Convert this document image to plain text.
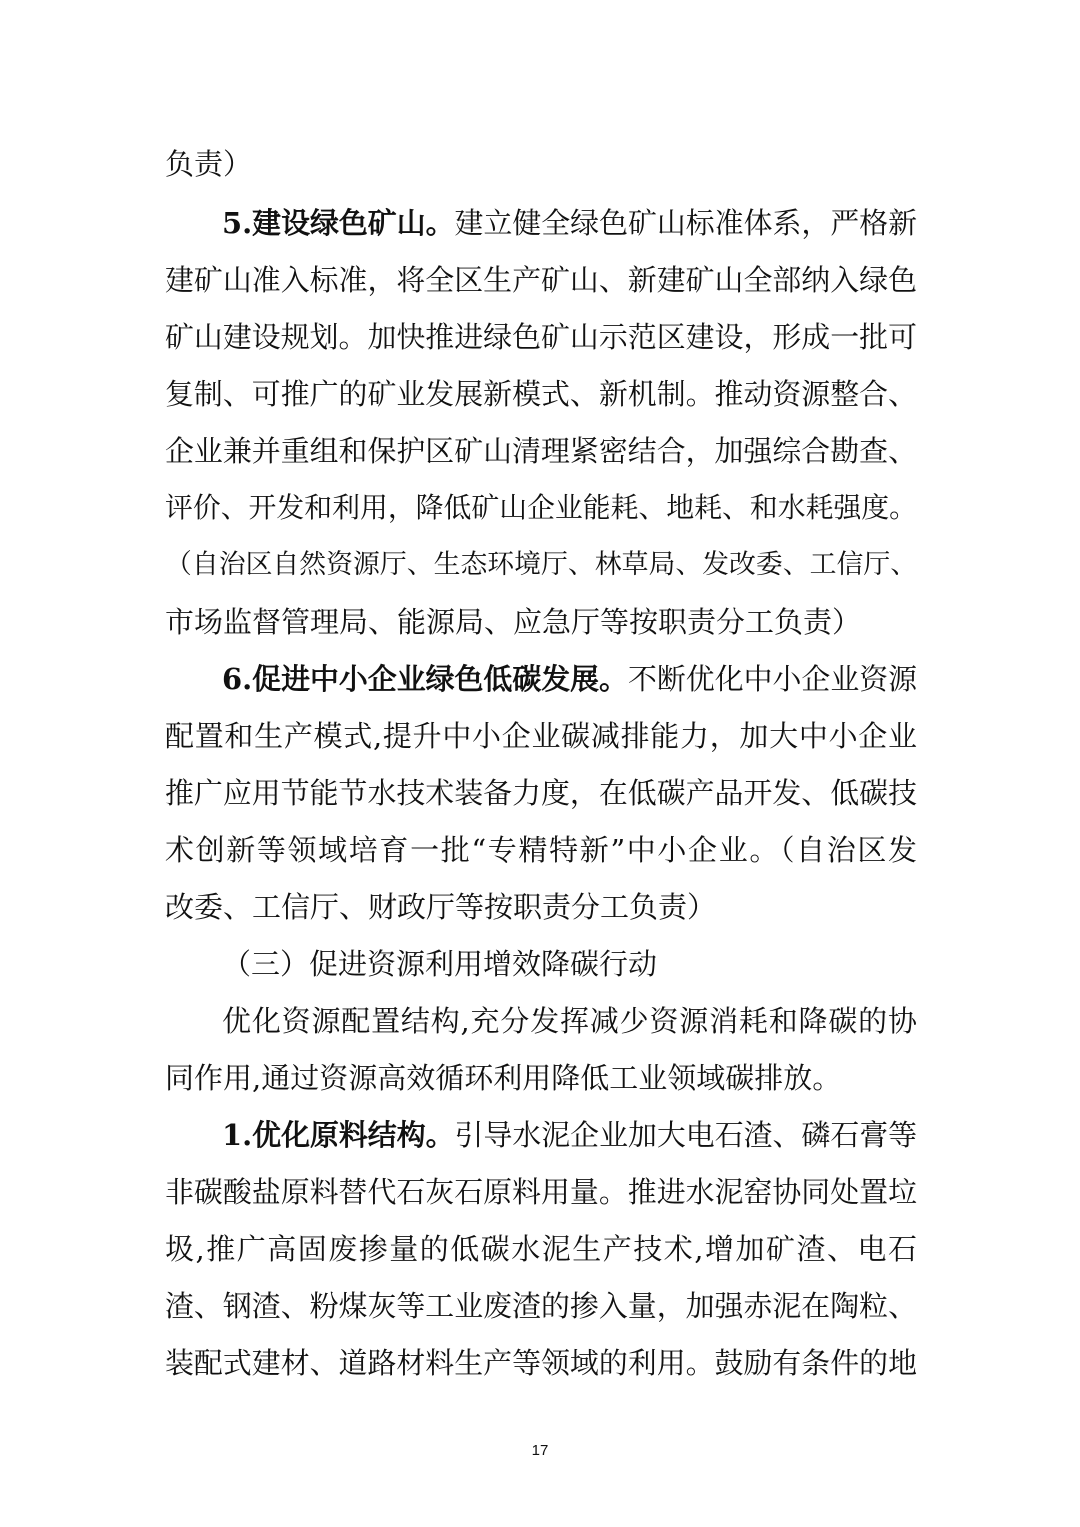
负责）
5.建设绿色矿山。建立健全绿色矿山标准体系，严格新
建矿山准入标准，将全区生产矿山、新建矿山全部纳入绿色
矿山建设规划。加快推进绿色矿山示范区建设，形成一批可
复制、可推广的矿业发展新模式、新机制。推动资源整合、
企业兼并重组和保护区矿山清理紧密结合，加强综合勘查、
评价、开发和利用，降低矿山企业能耗、地耗、和水耗强度。
（自治区自然资源厅、生态环境厅、林草局、发改委、工信厅、
市场监督管理局、能源局、应急厅等按职责分工负责）
6.促进中小企业绿色低碳发展。不断优化中小企业资源
配置和生产模式,提升中小企业碳减排能力，加大中小企业
推广应用节能节水技术装备力度，在低碳产品开发、低碳技
术创新等领域培育一批“专精特新”中小企业。（自治区发
改委、工信厅、财政厅等按职责分工负责）
（三）促进资源利用增效降碳行动
优化资源配置结构,充分发挥减少资源消耗和降碳的协
同作用,通过资源高效循环利用降低工业领域碳排放。
1.优化原料结构。引导水泥企业加大电石渣、磷石膏等
非碳酸盐原料替代石灰石原料用量。推进水泥窑协同处置垃
圾,推广高固废掺量的低碳水泥生产技术,增加矿渣、电石
渣、钢渣、粉煤灰等工业废渣的掺入量，加强赤泥在陶粒、
装配式建材、道路材料生产等领域的利用。鼓励有条件的地
17
